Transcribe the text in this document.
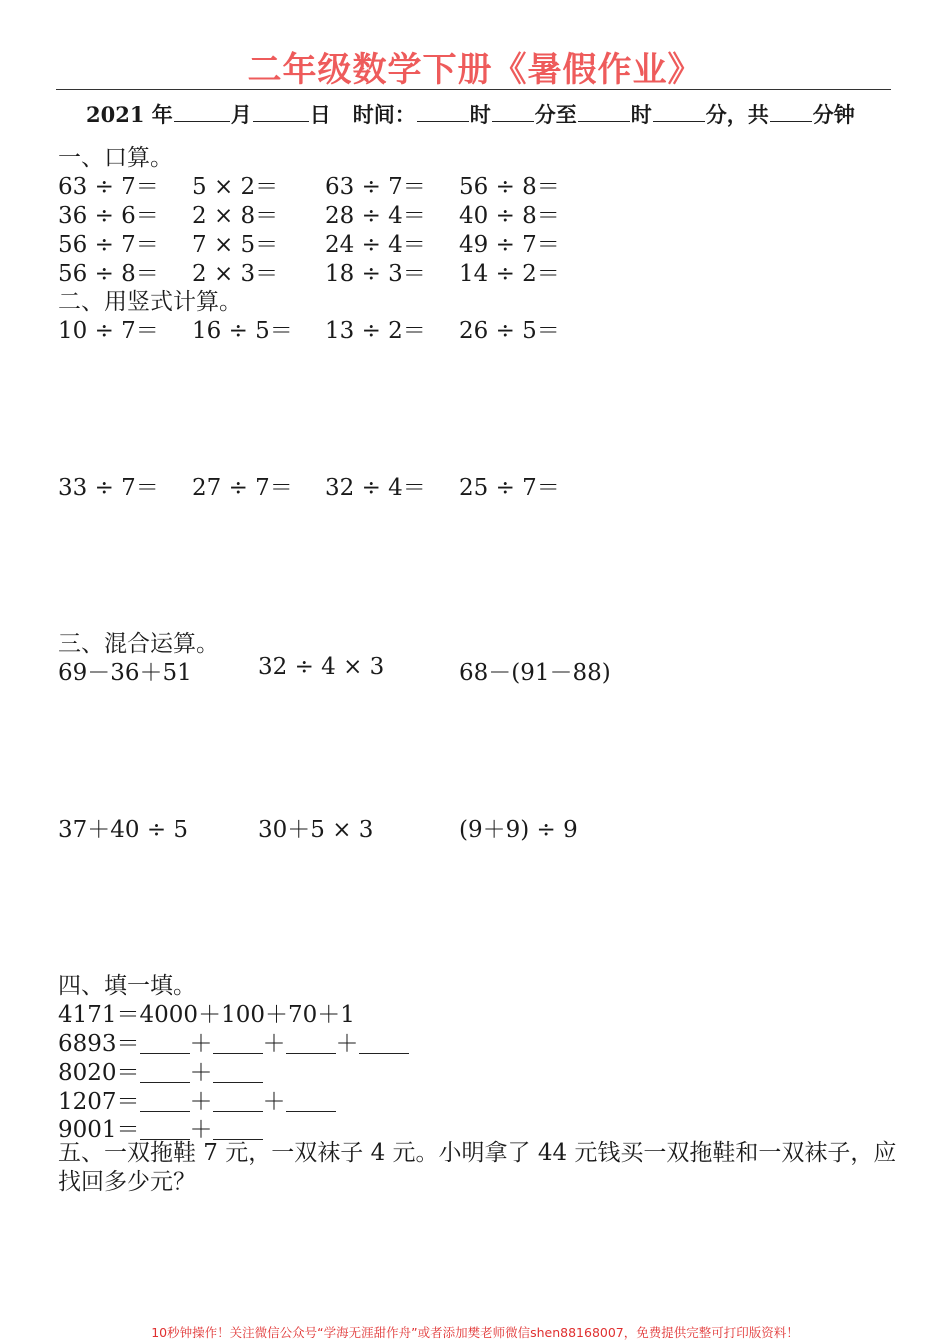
二年级数学下册《暑假作业》
2021 年	月	日 时间：	时 分至	时	分，共 分钟
一、口算。
63 ÷ 7＝ 5 × 2＝ 63 ÷ 7＝ 56 ÷ 8＝
36 ÷ 6＝ 2 × 8＝ 28 ÷ 4＝ 40 ÷ 8＝
56 ÷ 7＝ 7 × 5＝ 24 ÷ 4＝ 49 ÷ 7＝
56 ÷ 8＝ 2 × 3＝ 18 ÷ 3＝ 14 ÷ 2＝
二、用竖式计算。
10 ÷ 7＝ 16 ÷ 5＝ 13 ÷ 2＝ 26 ÷ 5＝
33 ÷ 7＝ 27 ÷ 7＝ 32 ÷ 4＝ 25 ÷ 7＝
三、混合运算。
69－36＋51	32 ÷ 4 × 3	68－(91－88)
37＋40 ÷ 5	30＋5 × 3	(9＋9) ÷ 9
四、填一填。
4171＝4000＋100＋70＋1
6893＝ ＋ ＋ ＋
8020＝ ＋
1207＝ ＋ ＋
9001＝ ＋
五、一双拖鞋 7 元，一双袜子 4 元。小明拿了 44 元钱买一双拖鞋和一双袜子，应找回多少元？
10秒钟操作！关注微信公众号“学海无涯甜作舟”或者添加樊老师微信shen88168007，免费提供完整可打印版资料！
